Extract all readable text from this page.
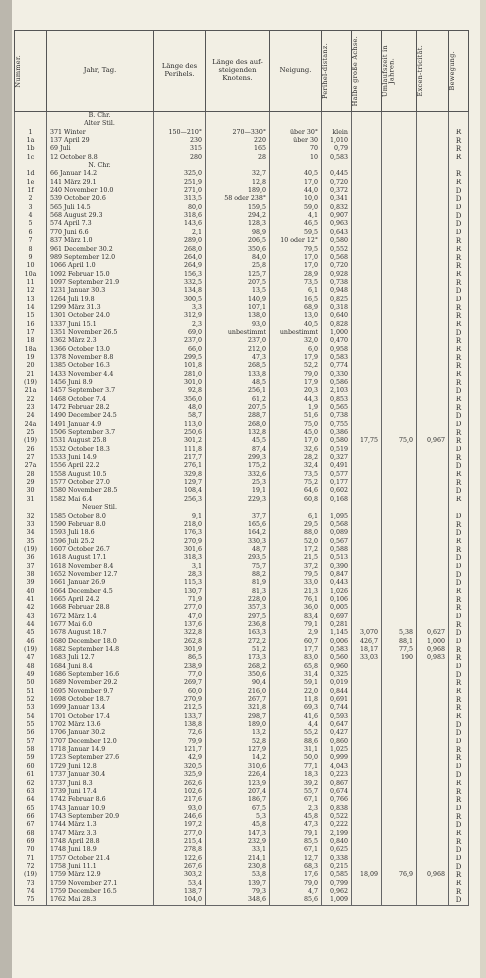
Nummer.	Jahr, Tag.	Länge des Perihels.	Länge des auf-steigenden Knotens.	Neigung.	Perihel-distanz.	Halbe große Achse.	Umlaufszeit in Jahren.	Excen-tricität.	Bewegung.

	B. Chr.								
	Alter Stil.								
1	371 Winter	150—210°	270—330°	über 30°	klein				R
1a	137 April 29	230	220	über 30	1,010				R
1b	69 Juli	315	165	70	0,79				R
1c	12 October 8.8	280	28	10	0,583				R
	N. Chr.								
1d	66 Januar 14.2	325,0	32,7	40,5	0,445				R
1e	141 März 29.1	251,9	12,8	17,0	0,720				R
1f	240 November 10.0	271,0	189,0	44,0	0,372				D
2	539 October 20.6	313,5	58 oder 238°	10,0	0,341				D
3	565 Juli 14.5	80,0	159,5	59,0	0,832				D
4	568 August 29.3	318,6	294,2	4,1	0,907				D
5	574 April 7.3	143,6	128,3	46,5	0,963				D
6	770 Juni 6.6	2,1	98,9	59,5	0,643				D
7	837 März 1.0	289,0	206,5	10 oder 12°	0,580				R
8	961 December 30.2	268,0	350,6	79,5	0,552				R
9	989 September 12.0	264,0	84,0	17,0	0,568				R
10	1066 April 1.0	264,9	25,8	17,0	0,720				R
10a	1092 Februar 15.0	156,3	125,7	28,9	0,928				R
11	1097 September 21.9	332,5	207,5	73,5	0,738				R
12	1231 Januar 30.3	134,8	13,5	6,1	0,948				D
13	1264 Juli 19.8	300,5	140,9	16,5	0,825				D
14	1299 März 31.3	3,3	107,1	68,9	0,318				R
15	1301 October 24.0	312,9	138,0	13,0	0,640				R
16	1337 Juni 15.1	2,3	93,0	40,5	0,828				R
17	1351 November 26.5	69,0	unbestimmt	unbestimmt	1,000				D
18	1362 März 2.3	237,0	237,0	32,0	0,470				R
18a	1366 October 13.0	66,0	212,0	6,0	0,958				R
19	1378 November 8.8	299,5	47,3	17,9	0,583				R
20	1385 October 16.3	101,8	268,5	52,2	0,774				R
21	1433 November 4.4	281,0	133,8	79,0	0,330				R
(19)	1456 Juni 8.9	301,0	48,5	17,9	0,586				R
21a	1457 September 3.7	92,8	256,1	20,3	2,103				D
22	1468 October 7.4	356,0	61,2	44,3	0,853				R
23	1472 Februar 28.2	48,0	207,5	1,9	0,565				R
24	1490 December 24.5	58,7	288,7	51,6	0,738				D
24a	1491 Januar 4.9	113,0	268,0	75,0	0,755				D
25	1506 September 3.7	250,6	132,8	45,0	0,386				R
(19)	1531 August 25.8	301,2	45,5	17,0	0,580	17,75	75,0	0,967	R
26	1532 October 18.3	111,8	87,4	32,6	0,519				D
27	1533 Juni 14.9	217,7	299,3	28,2	0,327				R
27a	1556 April 22.2	276,1	175,2	32,4	0,491				D
28	1558 August 10.5	329,8	332,6	73,5	0,577				R
29	1577 October 27.0	129,7	25,3	75,2	0,177				R
30	1580 November 28.5	108,4	19,1	64,6	0,602				D
31	1582 Mai 6.4	256,3	229,3	60,8	0,168				R
	Neuer Stil.								
32	1585 October 8.0	9,1	37,7	6,1	1,095				D
33	1590 Februar 8.0	218,0	165,6	29,5	0,568				R
34	1593 Juli 18.6	176,3	164,2	88,0	0,089				D
35	1596 Juli 25.2	270,9	330,3	52,0	0,567				R
(19)	1607 October 26.7	301,6	48,7	17,2	0,588				R
36	1618 August 17.1	318,3	293,5	21,5	0,513				D
37	1618 November 8.4	3,1	75,7	37,2	0,390				D
38	1652 November 12.7	28,3	88,2	79,5	0,847				D
39	1661 Januar 26.9	115,3	81,9	33,0	0,443				D
40	1664 December 4.5	130,7	81,3	21,3	1,026				R
41	1665 April 24.2	71,9	228,0	76,1	0,106				R
42	1668 Februar 28.8	277,0	357,3	36,0	0,005				R
43	1672 März 1.4	47,0	297,5	83,4	0,697				D
44	1677 Mai 6.0	137,6	236,8	79,1	0,281				R
45	1678 August 18.7	322,8	163,3	2,9	1,145	3,070	5,38	0,627	D
46	1680 December 18.0	262,8	272,2	60,7	0,006	426,7	88,1	1,000	D
(19)	1682 September 14.8	301,9	51,2	17,7	0,583	18,17	77,5	0,968	R
47	1683 Juli 12.7	86,5	173,3	83,0	0,560	33,03	190	0,983	R
48	1684 Juni 8.4	238,9	268,2	65,8	0,960				D
49	1686 September 16.6	77,0	350,6	31,4	0,325				D
50	1689 November 29.2	269,7	90,4	59,1	0,019				R
51	1695 November 9.7	60,0	216,0	22,0	0,844				R
52	1698 October 18.7	270,9	267,7	11,8	0,691				R
53	1699 Januar 13.4	212,5	321,8	69,3	0,744				R
54	1701 October 17.4	133,7	298,7	41,6	0,593				R
55	1702 März 13.6	138,8	189,0	4,4	0,647				D
56	1706 Januar 30.2	72,6	13,2	55,2	0,427				D
57	1707 December 12.0	79,9	52,8	88,6	0,860				D
58	1718 Januar 14.9	121,7	127,9	31,1	1,025				R
59	1723 September 27.6	42,9	14,2	50,0	0,999				R
60	1729 Juni 12.8	320,5	310,6	77,1	4,043				D
61	1737 Januar 30.4	325,9	226,4	18,3	0,223				D
62	1737 Juni 8.3	262,6	123,9	39,2	0,867				R
63	1739 Juni 17.4	102,6	207,4	55,7	0,674				R
64	1742 Februar 8.6	217,6	186,7	67,1	0,766				R
65	1743 Januar 10.9	93,0	67,5	2,3	0,838				D
66	1743 September 20.9	246,6	5,3	45,8	0,522				R
67	1744 März 1.3	197,2	45,8	47,3	0,222				D
68	1747 März 3.3	277,0	147,3	79,1	2,199				R
69	1748 April 28.8	215,4	232,9	85,5	0,840				R
70	1748 Juni 18.9	278,8	33,1	67,1	0,625				D
71	1757 October 21.4	122,6	214,1	12,7	0,338				D
72	1758 Juni 11.1	267,6	230,8	68,3	0,215				D
(19)	1759 März 12.9	303,2	53,8	17,6	0,585	18,09	76,9	0,968	R
73	1759 November 27.1	53,4	139,7	79,0	0,799				R
74	1759 December 16.5	138,7	79,3	4,7	0,962				R
75	1762 Mai 28.3	104,0	348,6	85,6	1,009				D
